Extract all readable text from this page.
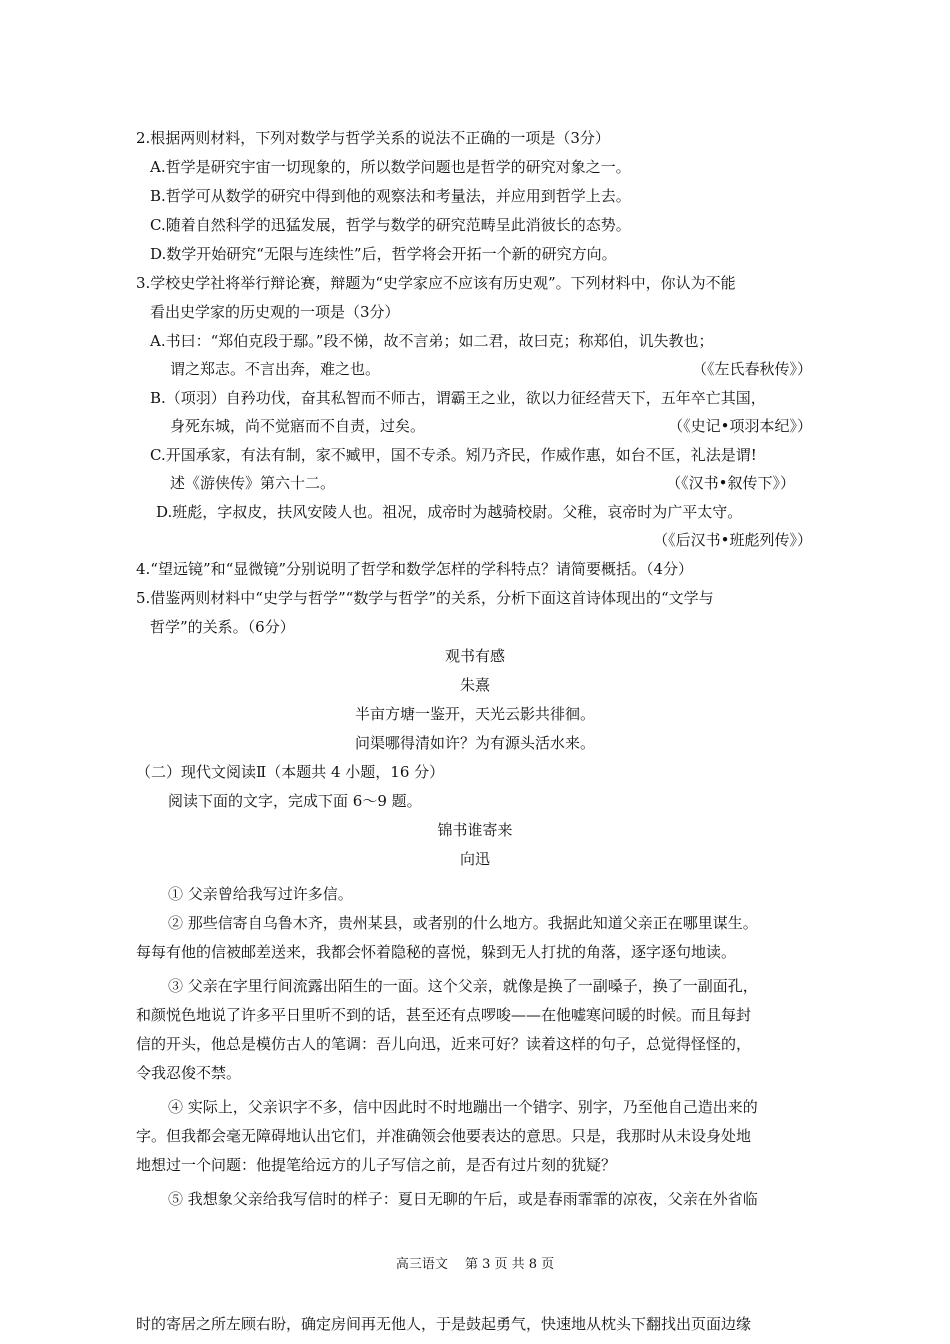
2.根据两则材料，下列对数学与哲学关系的说法不正确的一项是（3分）
A.哲学是研究宇宙一切现象的，所以数学问题也是哲学的研究对象之一。
B.哲学可从数学的研究中得到他的观察法和考量法，并应用到哲学上去。
C.随着自然科学的迅猛发展，哲学与数学的研究范畴呈此消彼长的态势。
D.数学开始研究“无限与连续性”后，哲学将会开拓一个新的研究方向。
3.学校史学社将举行辩论赛，辩题为“史学家应不应该有历史观”。下列材料中，你认为不能
看出史学家的历史观的一项是（3分）
A.书曰：“郑伯克段于鄢。”段不悌，故不言弟；如二君，故曰克；称郑伯，讥失教也；
谓之郑志。不言出奔，难之也。	（《左氏春秋传》）
B.（项羽）自矜功伐，奋其私智而不师古，谓霸王之业，欲以力征经营天下，五年卒亡其国，
身死东城，尚不觉寤而不自责，过矣。	（《史记•项羽本纪》）
C.开国承家，有法有制，家不臧甲，国不专杀。矧乃齐民，作威作惠，如台不匡，礼法是谓!
述《游侠传》第六十二。	（《汉书•叙传下》）
D.班彪，字叔皮，扶风安陵人也。祖况，成帝时为越骑校尉。父稚，哀帝时为广平太守。
（《后汉书•班彪列传》）
4.“望远镜”和“显微镜”分别说明了哲学和数学怎样的学科特点？请简要概括。（4分）
5.借鉴两则材料中“史学与哲学”“数学与哲学”的关系，分析下面这首诗体现出的“文学与
哲学”的关系。（6分）
观书有感
朱熹
半亩方塘一鉴开，天光云影共徘徊。
问渠哪得清如许？为有源头活水来。
（二）现代文阅读Ⅱ（本题共 4 小题，16 分）
阅读下面的文字，完成下面 6～9 题。
锦书谁寄来
向迅
① 父亲曾给我写过许多信。
② 那些信寄自乌鲁木齐，贵州某县，或者别的什么地方。我据此知道父亲正在哪里谋生。
每每有他的信被邮差送来，我都会怀着隐秘的喜悦，躲到无人打扰的角落，逐字逐句地读。
③ 父亲在字里行间流露出陌生的一面。这个父亲，就像是换了一副嗓子，换了一副面孔，
和颜悦色地说了许多平日里听不到的话，甚至还有点啰唆——在他嘘寒问暖的时候。而且每封
信的开头，他总是模仿古人的笔调：吾儿向迅，近来可好？读着这样的句子，总觉得怪怪的，
令我忍俊不禁。
④ 实际上，父亲识字不多，信中因此时不时地蹦出一个错字、别字，乃至他自己造出来的
字。但我都会毫无障碍地认出它们，并准确领会他要表达的意思。只是，我那时从未设身处地
地想过一个问题：他提笔给远方的儿子写信之前，是否有过片刻的犹疑？
⑤ 我想象父亲给我写信时的样子：夏日无聊的午后，或是春雨霏霏的凉夜，父亲在外省临
高三语文　 第 3 页 共 8 页
时的寄居之所左顾右盼，确定房间再无他人，于是鼓起勇气，快速地从枕头下翻找出页面边缘
